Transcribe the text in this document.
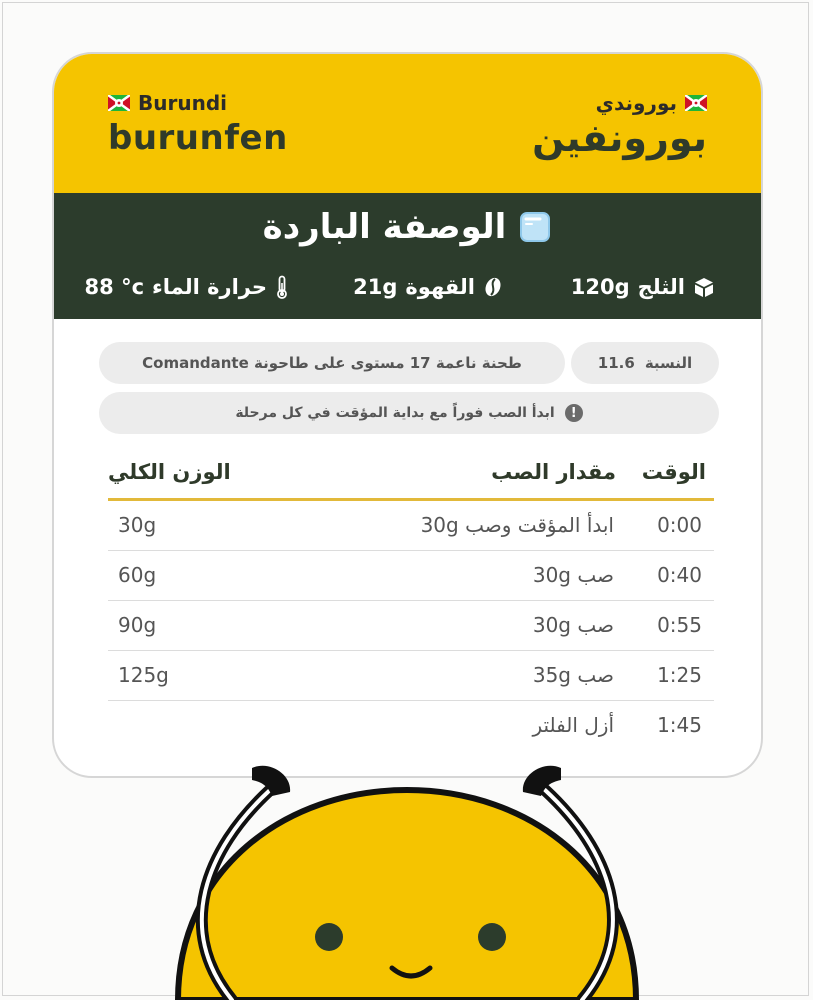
Burundi
burunfen
بوروندي
بورونفين
الوصفة الباردة
الثلج
120g
القهوة
21g
حرارة الماء
88 °c
النسبة
11.6
طحنة ناعمة 17 مستوى على طاحونة Comandante
!
ابدأ الصب فوراً مع بداية المؤقت في كل مرحلة
الوقت
مقدار الصب
الوزن الكلي
0:00
ابدأ المؤقت وصب 30g
30g
0:40
صب 30g
60g
0:55
صب 30g
90g
1:25
صب 35g
125g
1:45
أزل الفلتر
